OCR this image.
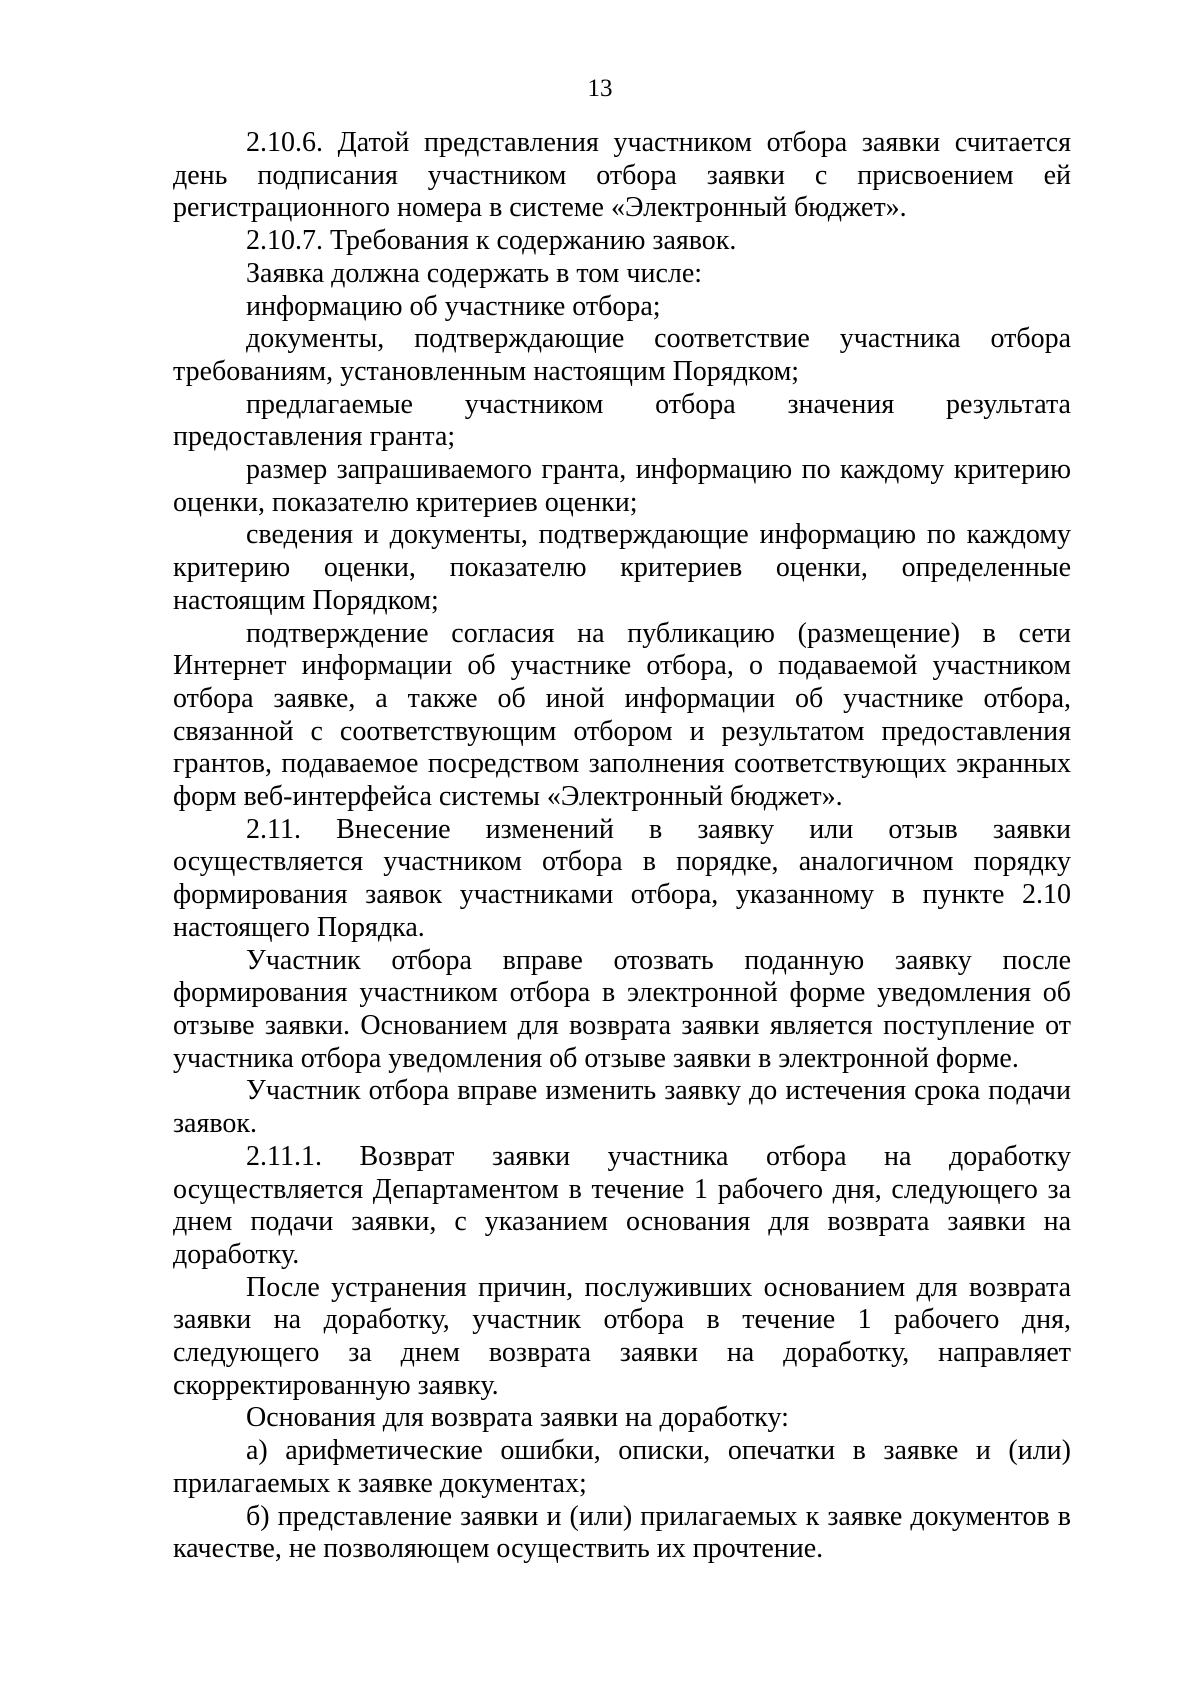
13

2.10.6. Датой представления участником отбора заявки считается день подписания участником отбора заявки с присвоением ей регистрационного номера в системе «Электронный бюджет».

2.10.7. Требования к содержанию заявок.

Заявка должна содержать в том числе:

информацию об участнике отбора;

документы, подтверждающие соответствие участника отбора требованиям, установленным настоящим Порядком;

предлагаемые участником отбора значения результата предоставления гранта;

размер запрашиваемого гранта, информацию по каждому критерию оценки, показателю критериев оценки;

сведения и документы, подтверждающие информацию по каждому критерию оценки, показателю критериев оценки, определенные настоящим Порядком;

подтверждение согласия на публикацию (размещение) в сети Интернет информации об участнике отбора, о подаваемой участником отбора заявке, а также об иной информации об участнике отбора, связанной с соответствующим отбором и результатом предоставления грантов, подаваемое посредством заполнения соответствующих экранных форм веб-интерфейса системы «Электронный бюджет».

2.11. Внесение изменений в заявку или отзыв заявки осуществляется участником отбора в порядке, аналогичном порядку формирования заявок участниками отбора, указанному в пункте 2.10 настоящего Порядка.

Участник отбора вправе отозвать поданную заявку после формирования участником отбора в электронной форме уведомления об отзыве заявки. Основанием для возврата заявки является поступление от участника отбора уведомления об отзыве заявки в электронной форме.

Участник отбора вправе изменить заявку до истечения срока подачи заявок.

2.11.1. Возврат заявки участника отбора на доработку осуществляется Департаментом в течение 1 рабочего дня, следующего за днем подачи заявки, с указанием основания для возврата заявки на доработку.

После устранения причин, послуживших основанием для возврата заявки на доработку, участник отбора в течение 1 рабочего дня, следующего за днем возврата заявки на доработку, направляет скорректированную заявку.

Основания для возврата заявки на доработку:

а) арифметические ошибки, описки, опечатки в заявке и (или) прилагаемых к заявке документах;

б) представление заявки и (или) прилагаемых к заявке документов в качестве, не позволяющем осуществить их прочтение.
